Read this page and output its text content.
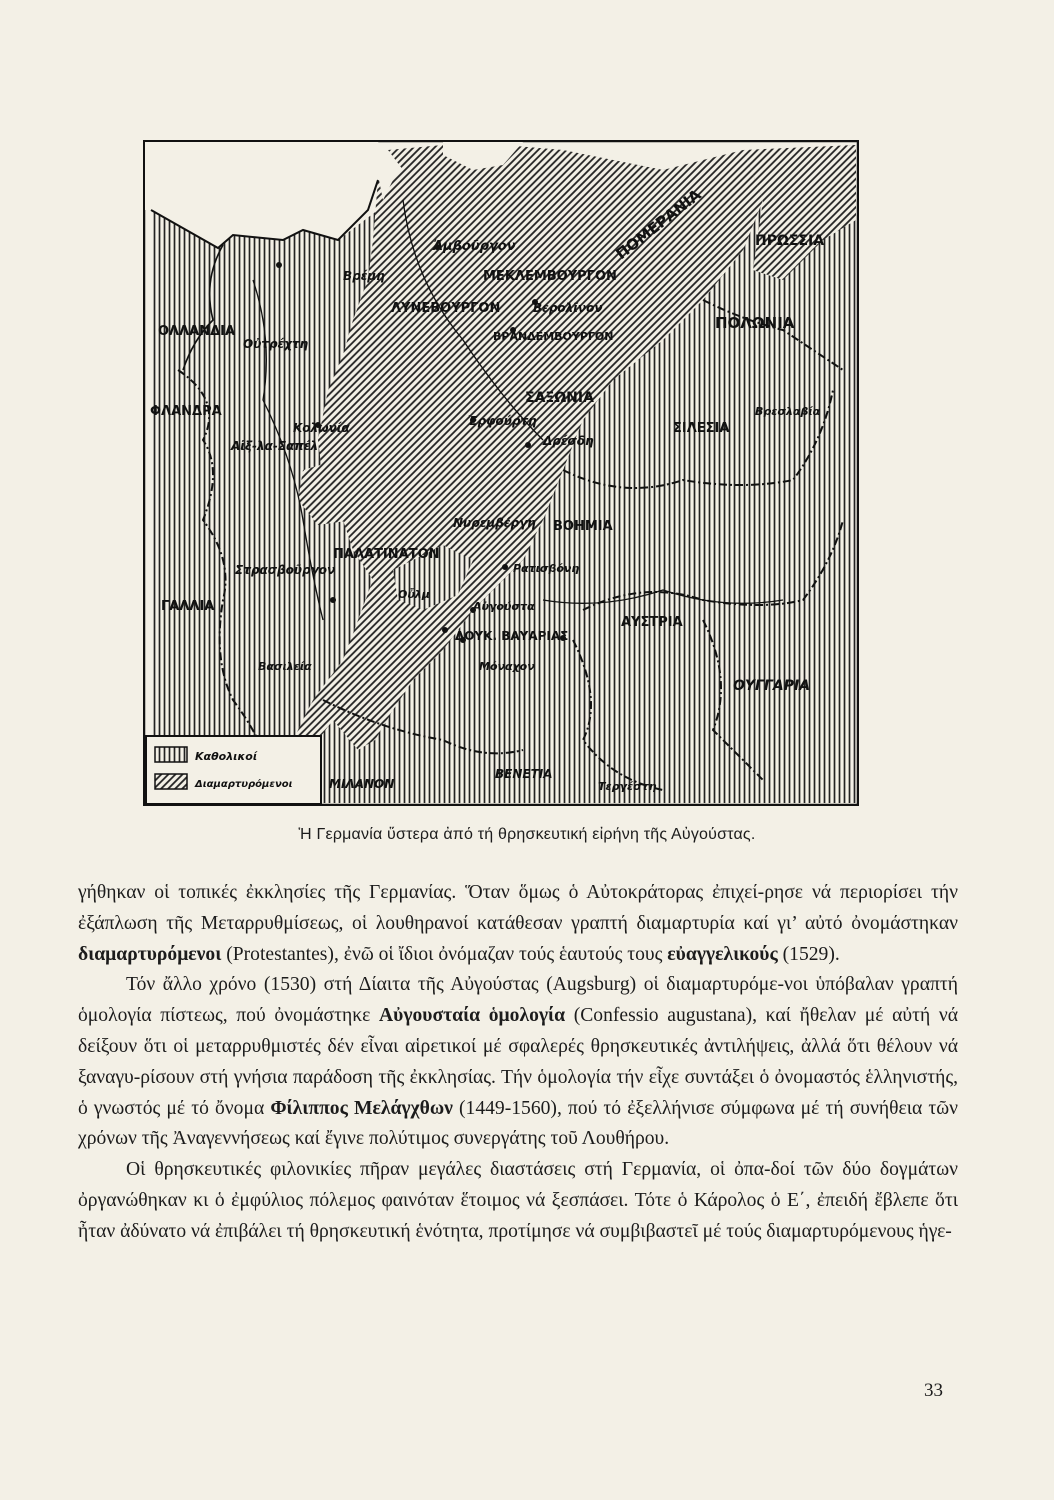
Ἀμβοῦργον	ΠΟΜΕΡΑΝΙΑ	ΠΡΩΣΣΙΑ
Βρέμη	ΜΕΚΛΕΜΒΟΥΡΓΟΝ
ΟΛΛΑΝΔΙΑ
Οὐτρέχτη
ΛΥΝΕΒΟΥΡΓΟΝ	Βερολῖνον
ΒΡΑΝΔΕΜΒΟΥΡΓΟΝ
ΠΟΛΩΝΙΑ
ΣΑΞΩΝΙΑ
ΦΛΑΝΔΡΑ
Κολωνία	Ἐρφούρτη
Δρέσδη
Βρεσλαβία
ΣΙΛΕΣΙΑ
Αἰξ-λα-Σαπέλ
Νυρεμβέργη ΒΟΗΜΙΑ
ΠΑΛΑΤΙΝΑΤΟΝ
Στρασβοῦργον	Ρατισβόνη
ΓΑΛΛΙΑ
Οὖλμ
Αὐγούστα
ΔΟΥΚ. ΒΑΥΑΡΙΑΣ
ΑΥΣΤΡΙΑ
Μόναχον
Βασιλεία
ΟΥΓΓΑΡΙΑ
ΒΕΝΕΤΙΑ
ΜΙΛΑΝΟΝ	Τεργέστη
Καθολικοί
Διαμαρτυρόμενοι
Ἡ Γερμανία ὕστερα ἀπό τή θρησκευτική εἰρήνη τῆς Αὐγούστας.

γήθηκαν οἱ τοπικές ἐκκλησίες τῆς Γερμανίας. Ὅταν ὅμως ὁ Αὐτοκράτορας ἐπιχεί-ρησε νά περιορίσει τήν ἐξάπλωση τῆς Μεταρρυθμίσεως, οἱ λουθηρανοί κατάθεσαν γραπτή διαμαρτυρία καί γι’ αὐτό ὀνομάστηκαν διαμαρτυρόμενοι (Protestantes), ἐνῶ οἱ ἴδιοι ὀνόμαζαν τούς ἑαυτούς τους εὐαγγελικούς (1529).

Τόν ἄλλο χρόνο (1530) στή Δίαιτα τῆς Αὐγούστας (Augsburg) οἱ διαμαρτυρόμε-νοι ὑπόβαλαν γραπτή ὁμολογία πίστεως, πού ὀνομάστηκε Αὐγουσταία ὁμολογία (Confessio augustana), καί ἤθελαν μέ αὐτή νά δείξουν ὅτι οἱ μεταρρυθμιστές δέν εἶναι αἱρετικοί μέ σφαλερές θρησκευτικές ἀντιλήψεις, ἀλλά ὅτι θέλουν νά ξαναγυ-ρίσουν στή γνήσια παράδοση τῆς ἐκκλησίας. Τήν ὁμολογία τήν εἶχε συντάξει ὁ ὀνομαστός ἑλληνιστής, ὁ γνωστός μέ τό ὄνομα Φίλιππος Μελάγχθων (1449-1560), πού τό ἐξελλήνισε σύμφωνα μέ τή συνήθεια τῶν χρόνων τῆς Ἀναγεννήσεως καί ἔγινε πολύτιμος συνεργάτης τοῦ Λουθήρου.

Οἱ θρησκευτικές φιλονικίες πῆραν μεγάλες διαστάσεις στή Γερμανία, οἱ ὀπα-δοί τῶν δύο δογμάτων ὀργανώθηκαν κι ὁ ἐμφύλιος πόλεμος φαινόταν ἕτοιμος νά ξεσπάσει. Τότε ὁ Κάρολος ὁ Ε΄, ἐπειδή ἔβλεπε ὅτι ἦταν ἀδύνατο νά ἐπιβάλει τή θρησκευτική ἑνότητα, προτίμησε νά συμβιβαστεῖ μέ τούς διαμαρτυρόμενους ἡγε-

33
